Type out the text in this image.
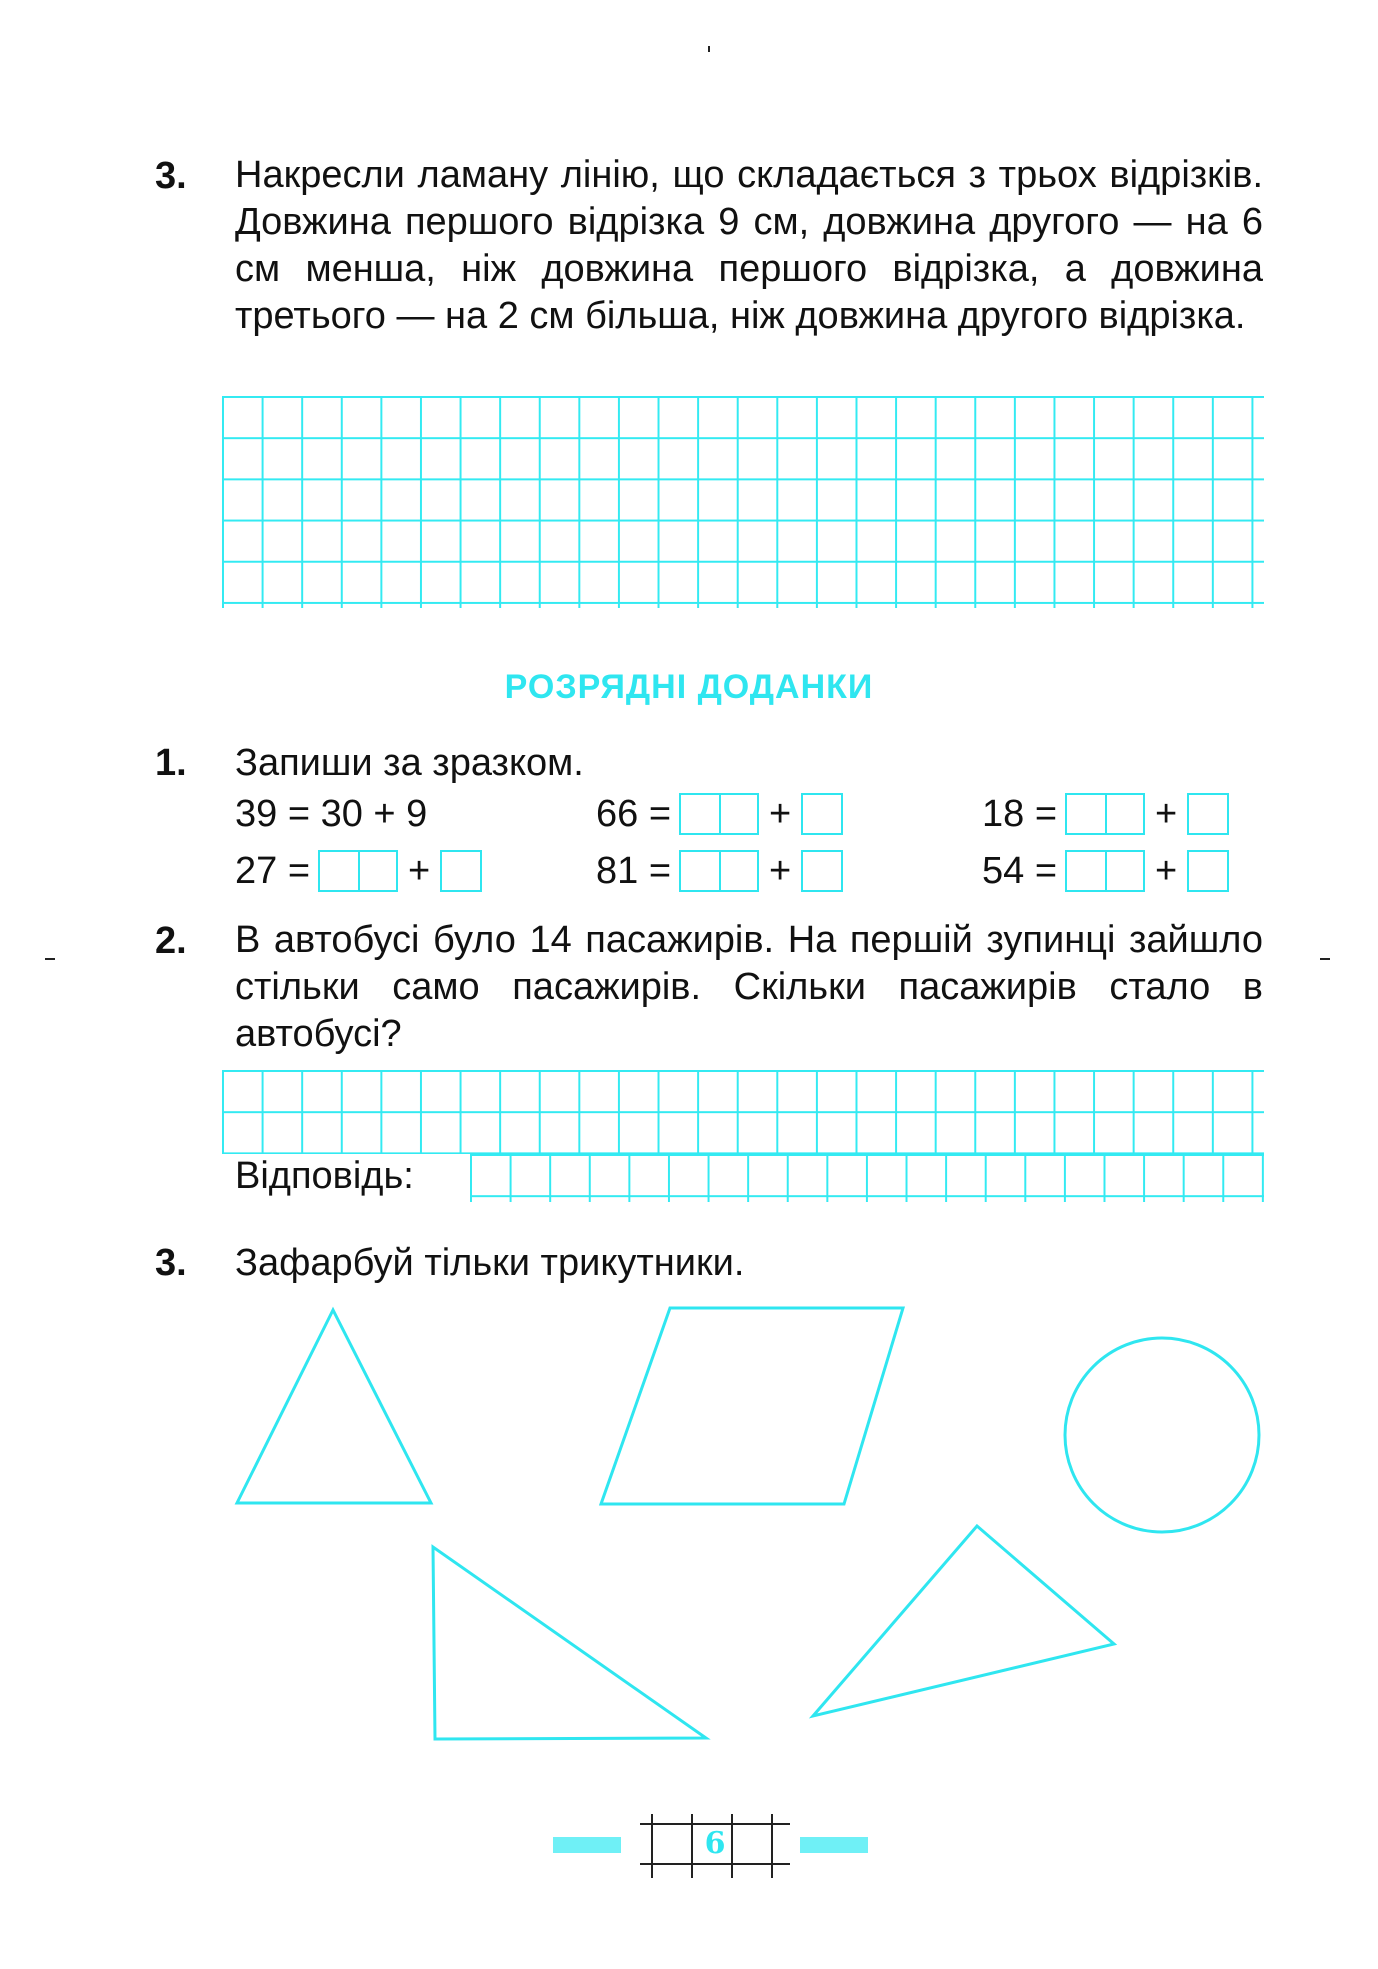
3. Накресли ламану лінію, що складається з трьох відрізків. Довжина першого відрізка 9 см, довжина другого — на 6 см менша, ніж довжина першого відрізка, а довжина третього — на 2 см більша, ніж довжина другого відрізка.
РОЗРЯДНІ ДОДАНКИ
1. Запиши за зразком.
39 = 30 + 9	66 =	+	18 =	+
27 =	+	81 =	+	54 =	+
2. В автобусі було 14 пасажирів. На першій зупинці зайшло стільки само пасажирів. Скільки пасажирів стало в автобусі?
Відповідь:
3. Зафарбуй тільки трикутники.
6
